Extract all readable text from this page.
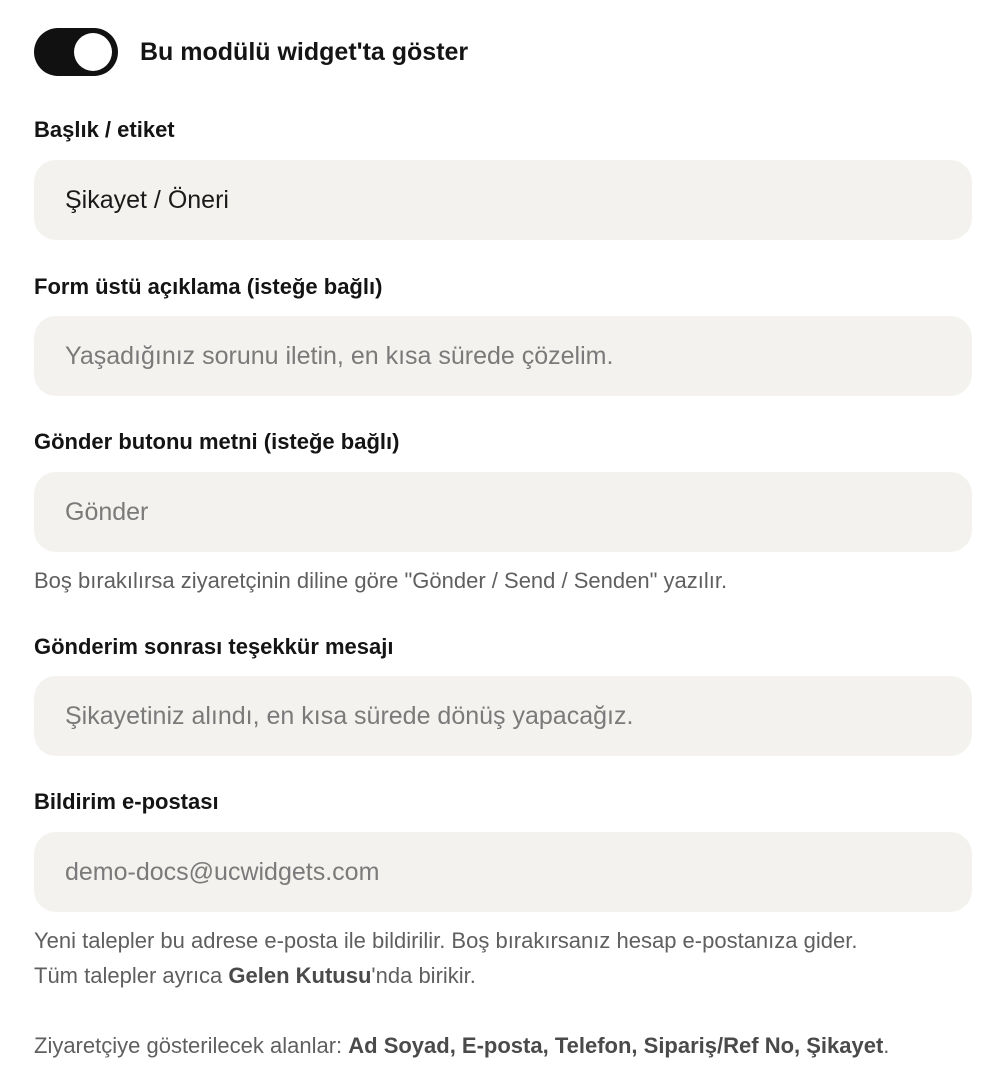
Bu modülü widget'ta göster
Başlık / etiket
Şikayet / Öneri
Form üstü açıklama (isteğe bağlı)
Yaşadığınız sorunu iletin, en kısa sürede çözelim.
Gönder butonu metni (isteğe bağlı)
Gönder
Boş bırakılırsa ziyaretçinin diline göre "Gönder / Send / Senden" yazılır.
Gönderim sonrası teşekkür mesajı
Şikayetiniz alındı, en kısa sürede dönüş yapacağız.
Bildirim e-postası
demo-docs@ucwidgets.com
Yeni talepler bu adrese e-posta ile bildirilir. Boş bırakırsanız hesap e-postanıza gider.
Tüm talepler ayrıca Gelen Kutusu'nda birikir.
Ziyaretçiye gösterilecek alanlar: Ad Soyad, E-posta, Telefon, Sipariş/Ref No, Şikayet.
